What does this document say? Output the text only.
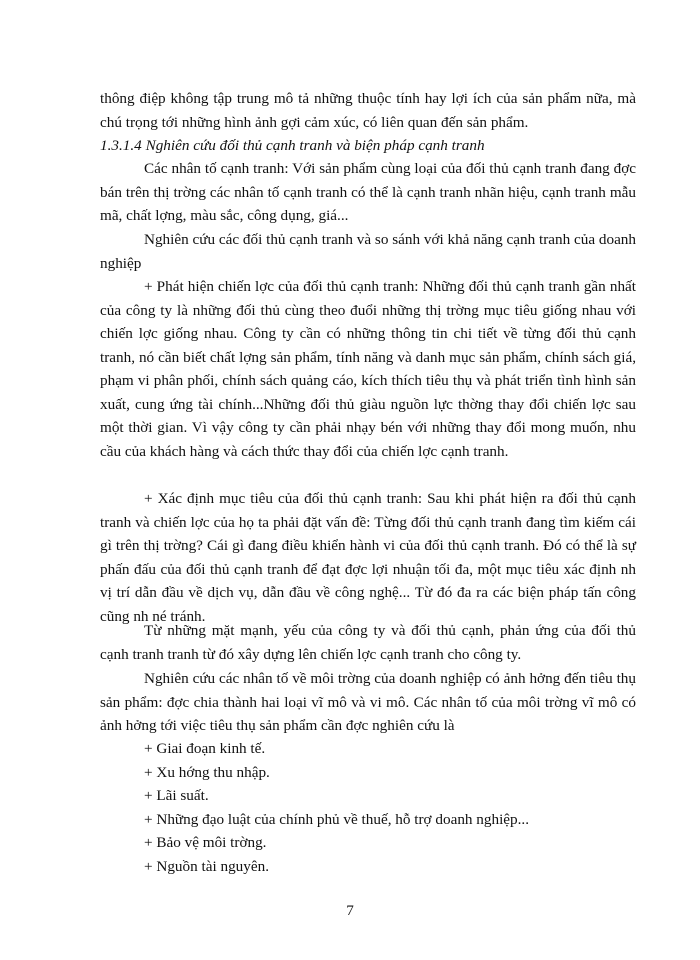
thông điệp không tập trung mô tả những thuộc tính hay lợi ích của sản phẩm nữa, mà chú trọng tới những hình ảnh gợi cảm xúc, có liên quan đến sản phẩm.

1.3.1.4 Nghiên cứu đối thủ cạnh tranh và biện pháp cạnh tranh

Các nhân tố cạnh tranh: Với sản phẩm cùng loại của đối thủ cạnh tranh đang đợc bán trên thị trờng các nhân tố cạnh tranh có thể là cạnh tranh nhãn hiệu, cạnh tranh mẫu mã, chất lợng, màu sắc, công dụng, giá...

Nghiên cứu các đối thủ cạnh tranh và so sánh với khả năng cạnh tranh của doanh nghiệp

+ Phát hiện chiến lợc của đối thủ cạnh tranh: Những đối thủ cạnh tranh gần nhất của công ty là những đối thủ cùng theo đuổi những thị trờng mục tiêu giống nhau với chiến lợc giống nhau. Công ty cần có những thông tin chi tiết về từng đối thủ cạnh tranh, nó cần biết chất lợng sản phẩm, tính năng và danh mục sản phẩm, chính sách giá, phạm vi phân phối, chính sách quảng cáo, kích thích tiêu thụ và phát triển tình hình sản xuất, cung ứng tài chính...Những đối thủ giàu nguồn lực thờng thay đổi chiến lợc sau một thời gian. Vì vậy công ty cần phải nhạy bén với những thay đổi mong muốn, nhu cầu của khách hàng và cách thức thay đổi của chiến lợc cạnh tranh.

+ Xác định mục tiêu của đối thủ cạnh tranh: Sau khi phát hiện ra đối thủ cạnh tranh và chiến lợc của họ ta phải đặt vấn đề: Từng đối thủ cạnh tranh đang tìm kiếm cái gì trên thị trờng? Cái gì đang điều khiển hành vi của đối thủ cạnh tranh. Đó có thể là sự phấn đấu của đối thủ cạnh tranh để đạt đợc lợi nhuận tối đa, một mục tiêu xác định nh vị trí dẫn đầu về dịch vụ, dẫn đầu về công nghệ... Từ đó đa ra các biện pháp tấn công cũng nh né tránh.

Từ những mặt mạnh, yếu của công ty và đối thủ cạnh, phản ứng của đối thủ cạnh tranh tranh từ đó xây dựng lên chiến lợc cạnh tranh cho công ty.

Nghiên cứu các nhân tố về môi trờng của doanh nghiệp có ảnh hởng đến tiêu thụ sản phẩm: đợc chia thành hai loại vĩ mô và vi mô. Các nhân tố của môi trờng vĩ mô có ảnh hởng tới việc tiêu thụ sản phẩm cần đợc nghiên cứu là

+ Giai đoạn kinh tế.

+ Xu hớng thu nhập.

+ Lãi suất.

+ Những đạo luật của chính phủ về thuế, hỗ trợ doanh nghiệp...

+ Bảo vệ môi trờng.

+ Nguồn tài nguyên.

7
